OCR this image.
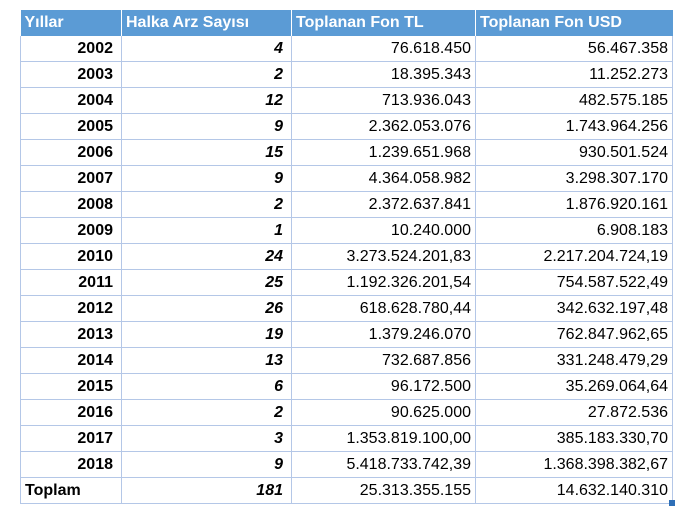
Yıllar	Halka Arz Sayısı	Toplanan Fon TL	Toplanan Fon USD
2002	4	76.618.450	56.467.358
2003	2	18.395.343	11.252.273
2004	12	713.936.043	482.575.185
2005	9	2.362.053.076	1.743.964.256
2006	15	1.239.651.968	930.501.524
2007	9	4.364.058.982	3.298.307.170
2008	2	2.372.637.841	1.876.920.161
2009	1	10.240.000	6.908.183
2010	24	3.273.524.201,83	2.217.204.724,19
2011	25	1.192.326.201,54	754.587.522,49
2012	26	618.628.780,44	342.632.197,48
2013	19	1.379.246.070	762.847.962,65
2014	13	732.687.856	331.248.479,29
2015	6	96.172.500	35.269.064,64
2016	2	90.625.000	27.872.536
2017	3	1.353.819.100,00	385.183.330,70
2018	9	5.418.733.742,39	1.368.398.382,67
Toplam	181	25.313.355.155	14.632.140.310
